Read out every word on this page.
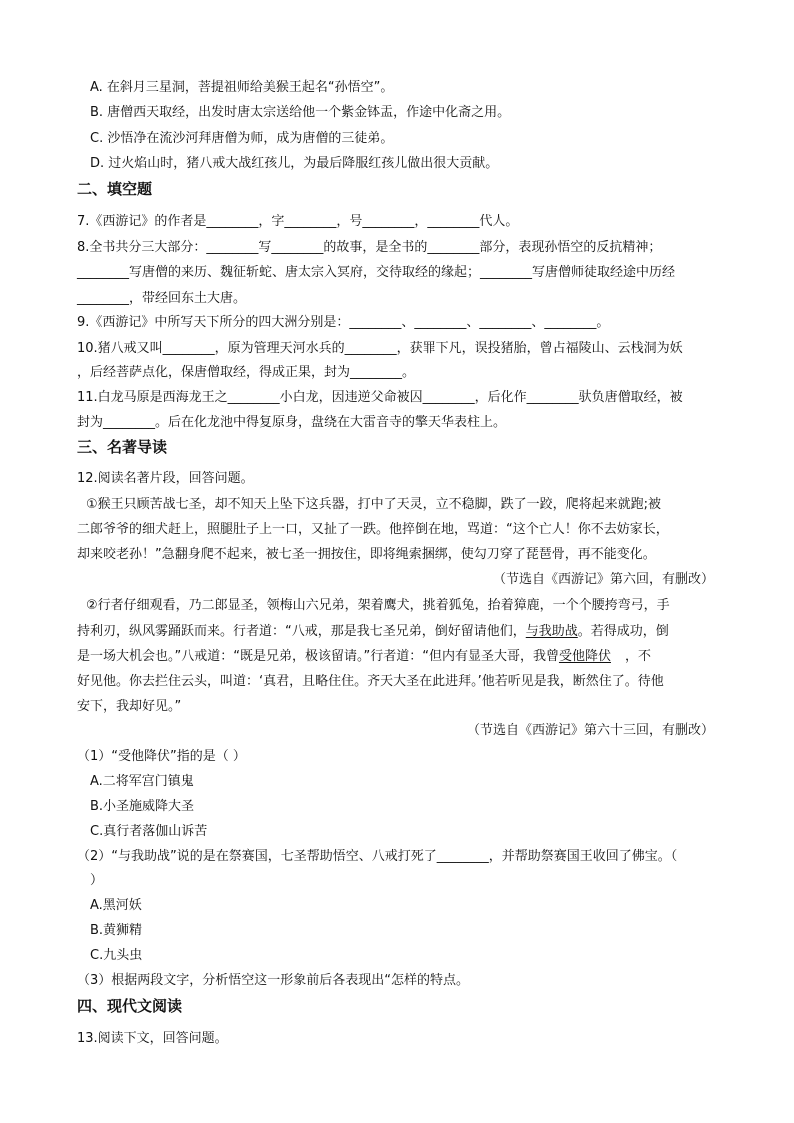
A. 在斜月三星洞，菩提祖师给美猴王起名“孙悟空”。
B. 唐僧西天取经，出发时唐太宗送给他一个紫金钵盂，作途中化斋之用。
C. 沙悟净在流沙河拜唐僧为师，成为唐僧的三徒弟。
D. 过火焰山时，猪八戒大战红孩儿，为最后降服红孩儿做出很大贡献。
二、填空题
7.《西游记》的作者是________，字________，号________，________代人。
8.全书共分三大部分：________写________的故事，是全书的________部分，表现孙悟空的反抗精神；
________写唐僧的来历、魏征斩蛇、唐太宗入冥府，交待取经的缘起；________写唐僧师徒取经途中历经
________，带经回东土大唐。
9.《西游记》中所写天下所分的四大洲分别是：________、________、________、________。
10.猪八戒又叫________，原为管理天河水兵的________，获罪下凡，误投猪胎，曾占福陵山、云栈洞为妖
，后经菩萨点化，保唐僧取经，得成正果，封为________。
11.白龙马原是西海龙王之________小白龙，因违逆父命被囚________，后化作________驮负唐僧取经，被
封为________。后在化龙池中得复原身，盘绕在大雷音寺的擎天华表柱上。
三、名著导读
12.阅读名著片段，回答问题。
①猴王只顾苦战七圣，却不知天上坠下这兵器，打中了天灵，立不稳脚，跌了一跤，爬将起来就跑;被
二郎爷爷的细犬赶上，照腿肚子上一口，又扯了一跌。他捽倒在地，骂道：“这个亡人！你不去妨家长，
却来咬老孙！”急翻身爬不起来，被七圣一拥按住，即将绳索捆绑，使勾刀穿了琵琶骨，再不能变化。
（节选自《西游记》第六回，有删改）
②行者仔细观看，乃二郎显圣，领梅山六兄弟，架着鹰犬，挑着狐兔，抬着獐鹿，一个个腰挎弯弓，手
持利刃，纵风雾踊跃而来。行者道：“八戒，那是我七圣兄弟，倒好留请他们，与我助战。若得成功，倒
是一场大机会也。”八戒道：“既是兄弟，极该留请。”行者道：“但内有显圣大哥，我曾受他降伏 ，不
好见他。你去拦住云头，叫道：‘真君，且略住住。齐天大圣在此进拜。’他若听见是我，断然住了。待他
安下，我却好见。”
（节选自《西游记》第六十三回，有删改）
（1）“受他降伏”指的是（ ）
A.二将军宫门镇鬼
B.小圣施威降大圣
C.真行者落伽山诉苦
（2）“与我助战”说的是在祭赛国，七圣帮助悟空、八戒打死了________，并帮助祭赛国王收回了佛宝。（
）
A.黑河妖
B.黄狮精
C.九头虫
（3）根据两段文字，分析悟空这一形象前后各表现出“怎样的特点。
四、现代文阅读
13.阅读下文，回答问题。
